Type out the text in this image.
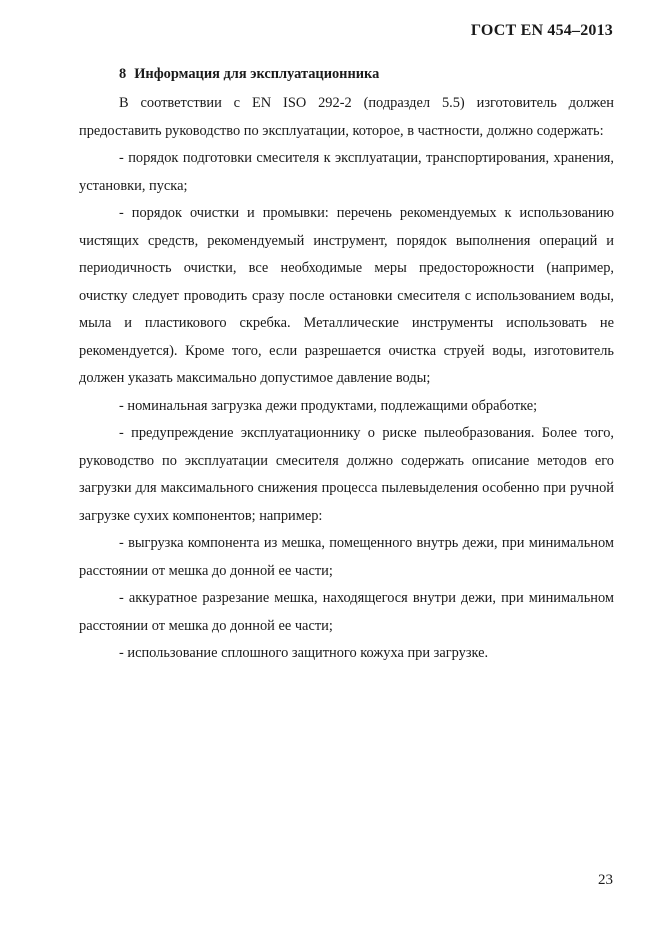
ГОСТ EN 454–2013
8 Информация для эксплуатационника

В соответствии с EN ISO 292-2 (подраздел 5.5) изготовитель должен предоставить руководство по эксплуатации, которое, в частности, должно содержать:

- порядок подготовки смесителя к эксплуатации, транспортирования, хранения, установки, пуска;

- порядок очистки и промывки: перечень рекомендуемых к использованию чистящих средств, рекомендуемый инструмент, порядок выполнения операций и периодичность очистки, все необходимые меры предосторожности (например, очистку следует проводить сразу после остановки смесителя с использованием воды, мыла и пластикового скребка. Металлические инструменты использовать не рекомендуется). Кроме того, если разрешается очистка струей воды, изготовитель должен указать максимально допустимое давление воды;

- номинальная загрузка дежи продуктами, подлежащими обработке;

- предупреждение эксплуатационнику о риске пылеобразования. Более того, руководство по эксплуатации смесителя должно содержать описание методов его загрузки для максимального снижения процесса пылевыделения особенно при ручной загрузке сухих компонентов; например:

- выгрузка компонента из мешка, помещенного внутрь дежи, при минимальном расстоянии от мешка до донной ее части;

- аккуратное разрезание мешка, находящегося внутри дежи, при минимальном расстоянии от мешка до донной ее части;

- использование сплошного защитного кожуха при загрузке.

23
